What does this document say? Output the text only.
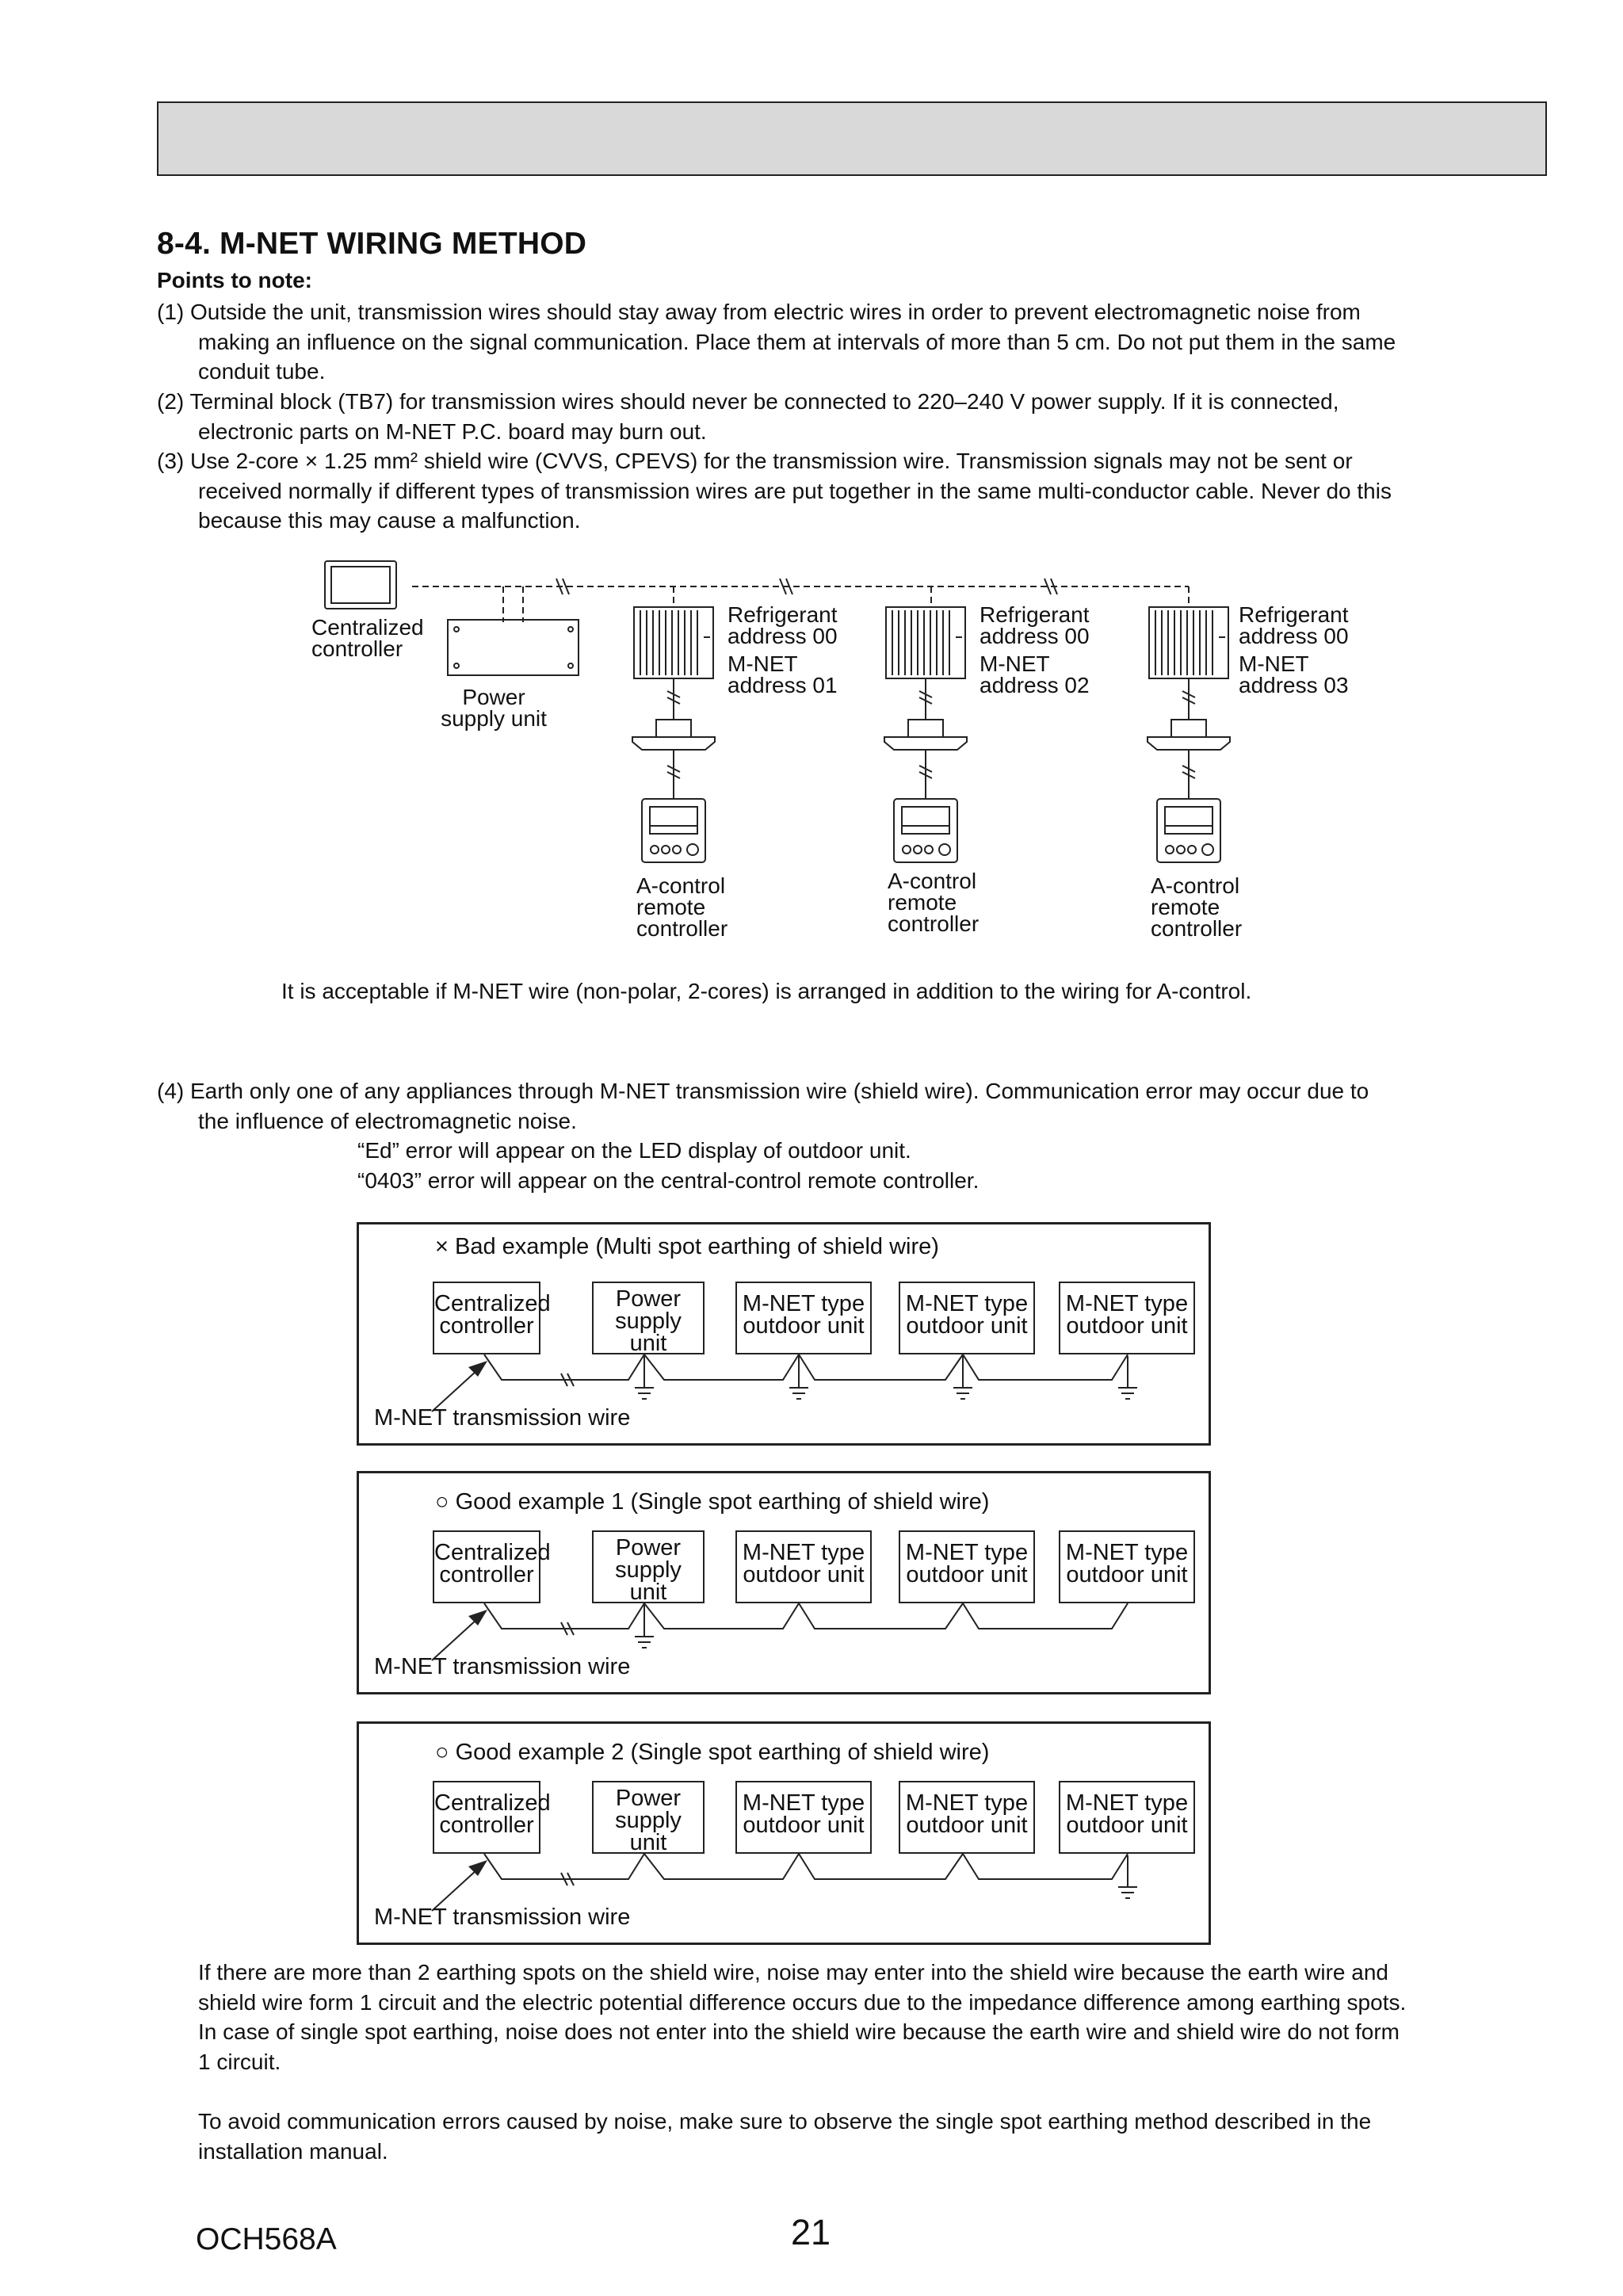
8-4. M-NET WIRING METHOD
Points to note:
(1) Outside the unit, transmission wires should stay away from electric wires in order to prevent electromagnetic noise from
making an influence on the signal communication. Place them at intervals of more than 5 cm. Do not put them in the same
conduit tube.
(2) Terminal block (TB7) for transmission wires should never be connected to 220–240 V power supply. If it is connected,
electronic parts on M-NET P.C. board may burn out.
(3) Use 2-core × 1.25 mm² shield wire (CVVS, CPEVS) for the transmission wire. Transmission signals may not be sent or
received normally if different types of transmission wires are put together in the same multi-conductor cable. Never do this
because this may cause a malfunction.
Centralized
controller
Power
supply unit
Refrigerant
address 00
M-NET
address 01
Refrigerant
address 00
M-NET
address 02
Refrigerant
address 00
M-NET
address 03
A-control
remote
controller
A-control
remote
controller
A-control
remote
controller
It is acceptable if M-NET wire (non-polar, 2-cores) is arranged in addition to the wiring for A-control.
(4) Earth only one of any appliances through M-NET transmission wire (shield wire). Communication error may occur due to
the influence of electromagnetic noise.
“Ed” error will appear on the LED display of outdoor unit.
“0403” error will appear on the central-control remote controller.
× Bad example (Multi spot earthing of shield wire)
Centralized
controller
Power
supply unit
M-NET type
outdoor unit
M-NET type
outdoor unit
M-NET type
outdoor unit
M-NET transmission wire
○ Good example 1 (Single spot earthing of shield wire)
Centralized
controller
Power
supply unit
M-NET type
outdoor unit
M-NET type
outdoor unit
M-NET type
outdoor unit
M-NET transmission wire
○ Good example 2 (Single spot earthing of shield wire)
Centralized
controller
Power
supply unit
M-NET type
outdoor unit
M-NET type
outdoor unit
M-NET type
outdoor unit
M-NET transmission wire
If there are more than 2 earthing spots on the shield wire, noise may enter into the shield wire because the earth wire and
shield wire form 1 circuit and the electric potential difference occurs due to the impedance difference among earthing spots.
In case of single spot earthing, noise does not enter into the shield wire because the earth wire and shield wire do not form
1 circuit.
To avoid communication errors caused by noise, make sure to observe the single spot earthing method described in the
installation manual.
OCH568A	21
